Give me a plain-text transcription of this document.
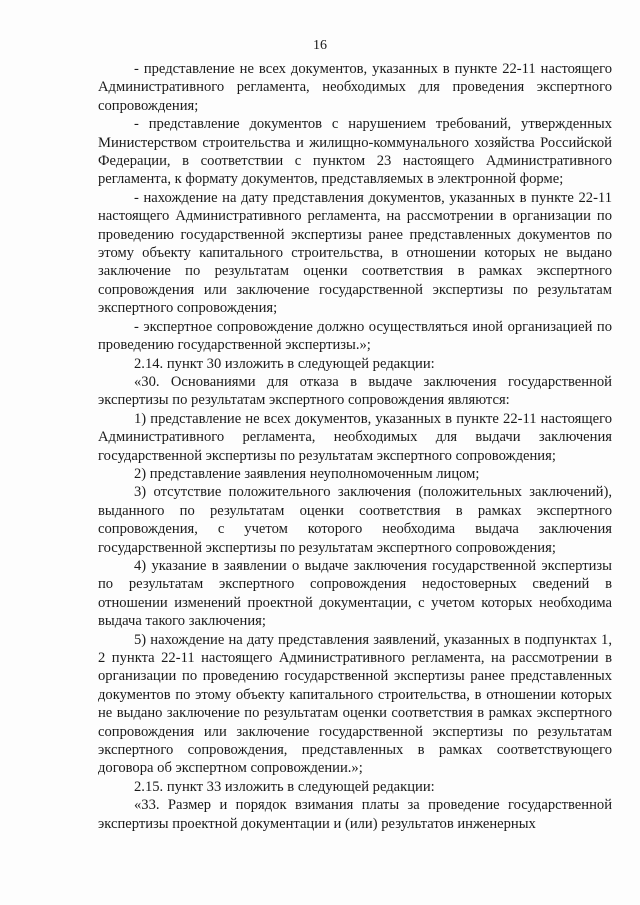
16

- представление не всех документов, указанных в пункте 22-11 настоящего Административного регламента, необходимых для проведения экспертного сопровождения;

- представление документов с нарушением требований, утвержденных Министерством строительства и жилищно-коммунального хозяйства Российской Федерации, в соответствии с пунктом 23 настоящего Административного регламента, к формату документов, представляемых в электронной форме;

- нахождение на дату представления документов, указанных в пункте 22-11 настоящего Административного регламента, на рассмотрении в организации по проведению государственной экспертизы ранее представленных документов по этому объекту капитального строительства, в отношении которых не выдано заключение по результатам оценки соответствия в рамках экспертного сопровождения или заключение государственной экспертизы по результатам экспертного сопровождения;

- экспертное сопровождение должно осуществляться иной организацией по проведению государственной экспертизы.»;

2.14. пункт 30 изложить в следующей редакции:

«30. Основаниями для отказа в выдаче заключения государственной экспертизы по результатам экспертного сопровождения являются:

1) представление не всех документов, указанных в пункте 22-11 настоящего Административного регламента, необходимых для выдачи заключения государственной экспертизы по результатам экспертного сопровождения;

2) представление заявления неуполномоченным лицом;

3) отсутствие положительного заключения (положительных заключений), выданного по результатам оценки соответствия в рамках экспертного сопровождения, с учетом которого необходима выдача заключения государственной экспертизы по результатам экспертного сопровождения;

4) указание в заявлении о выдаче заключения государственной экспертизы по результатам экспертного сопровождения недостоверных сведений в отношении изменений проектной документации, с учетом которых необходима выдача такого заключения;

5) нахождение на дату представления заявлений, указанных в подпунктах 1, 2 пункта 22-11 настоящего Административного регламента, на рассмотрении в организации по проведению государственной экспертизы ранее представленных документов по этому объекту капитального строительства, в отношении которых не выдано заключение по результатам оценки соответствия в рамках экспертного сопровождения или заключение государственной экспертизы по результатам экспертного сопровождения, представленных в рамках соответствующего договора об экспертном сопровождении.»;

2.15. пункт 33 изложить в следующей редакции:

«33. Размер и порядок взимания платы за проведение государственной экспертизы проектной документации и (или) результатов инженерных
